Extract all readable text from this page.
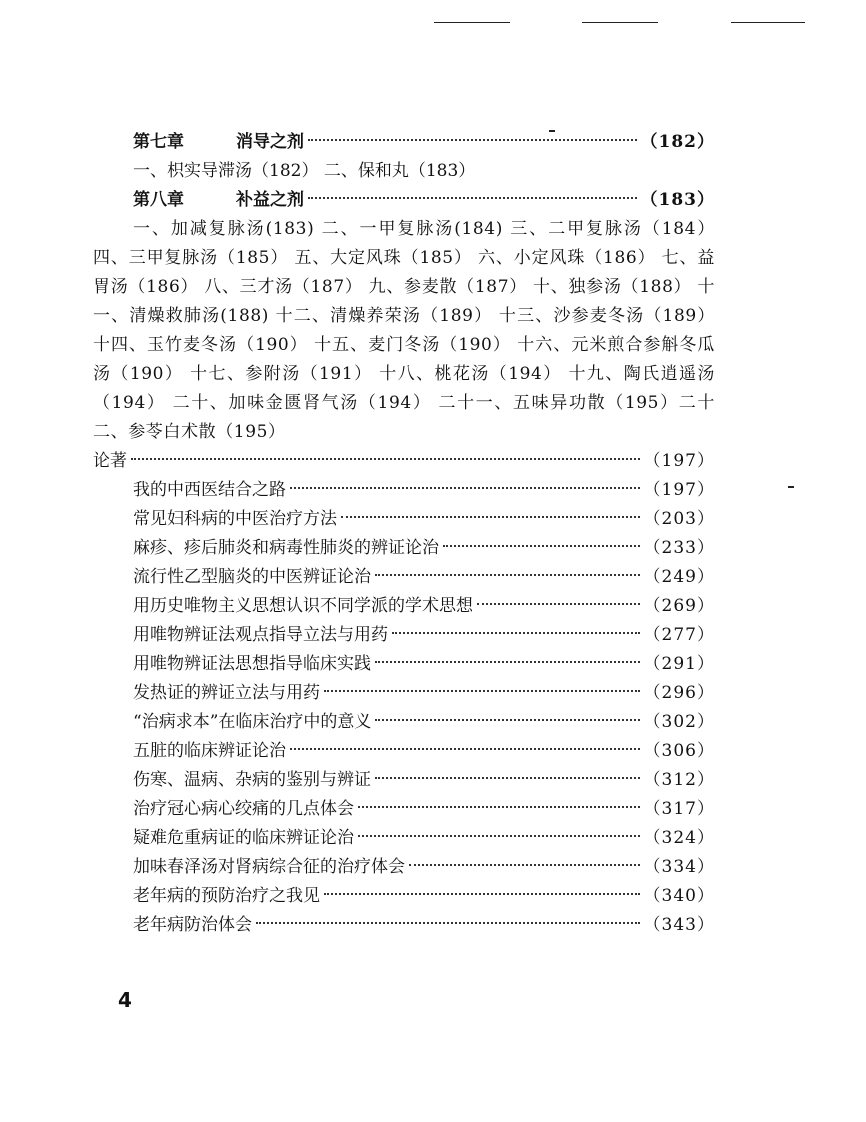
第七章	消导之剂	（182）
一、枳实导滞汤（182） 二、保和丸（183）
第八章	补益之剂	（183）

一、加减复脉汤(183) 二、一甲复脉汤(184) 三、二甲复脉汤（184） 四、三甲复脉汤（185） 五、大定风珠（185） 六、小定风珠（186） 七、益胃汤（186） 八、三才汤（187） 九、参麦散（187） 十、独参汤（188） 十一、清燥救肺汤(188) 十二、清燥养荣汤（189） 十三、沙参麦冬汤（189） 十四、玉竹麦冬汤（190） 十五、麦门冬汤（190） 十六、元米煎合参斛冬瓜汤（190） 十七、参附汤（191） 十八、桃花汤（194） 十九、陶氏逍遥汤（194） 二十、加味金匮肾气汤（194） 二十一、五味异功散（195）二十二、参苓白术散（195）

论著	（197）
我的中西医结合之路	（197）
常见妇科病的中医治疗方法	（203）
麻疹、疹后肺炎和病毒性肺炎的辨证论治	（233）
流行性乙型脑炎的中医辨证论治	（249）
用历史唯物主义思想认识不同学派的学术思想	（269）
用唯物辨证法观点指导立法与用药	（277）
用唯物辨证法思想指导临床实践	（291）
发热证的辨证立法与用药	（296）
“治病求本”在临床治疗中的意义	（302）
五脏的临床辨证论治	（306）
伤寒、温病、杂病的鉴别与辨证	（312）
治疗冠心病心绞痛的几点体会	（317）
疑难危重病证的临床辨证论治	（324）
加味春泽汤对肾病综合征的治疗体会	（334）
老年病的预防治疗之我见	（340）
老年病防治体会	（343）
4
